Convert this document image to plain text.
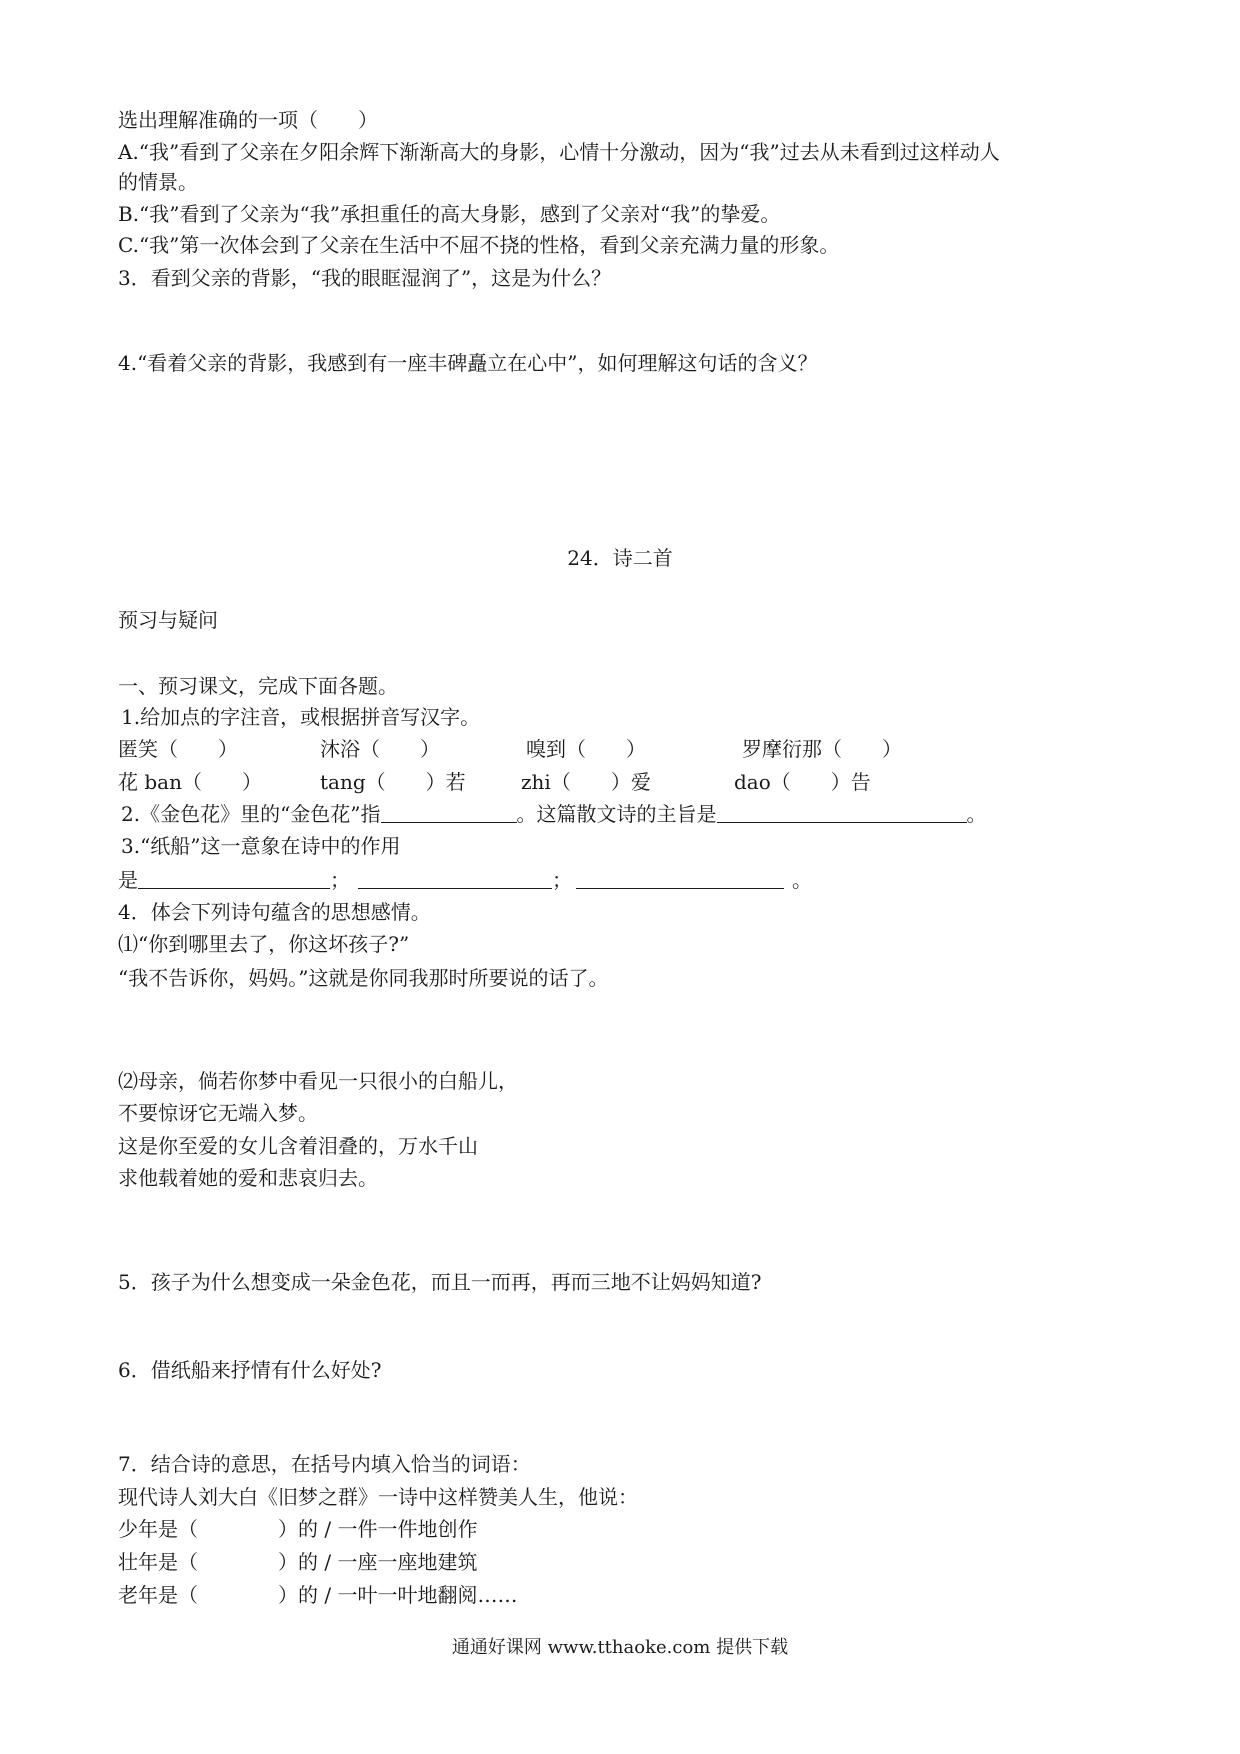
选出理解准确的一项（　　）
A.“我”看到了父亲在夕阳余辉下渐渐高大的身影，心情十分激动，因为“我”过去从未看到过这样动人
的情景。
B.“我”看到了父亲为“我”承担重任的高大身影，感到了父亲对“我”的挚爱。
C.“我”第一次体会到了父亲在生活中不屈不挠的性格，看到父亲充满力量的形象。
3．看到父亲的背影，“我的眼眶湿润了”，这是为什么？
4.“看着父亲的背影，我感到有一座丰碑矗立在心中”，如何理解这句话的含义？
24．诗二首
预习与疑问
一、预习课文，完成下面各题。
1.给加点的字注音，或根据拼音写汉字。
匿笑（　　）	沐浴（　　）	嗅到（　　）	罗摩衍那（　　）
花 ban（　　）	tang（　　）若	zhi（　　）爱	dao（　　）告
2.《金色花》里的“金色花”指	。这篇散文诗的主旨是	。
3.“纸船”这一意象在诗中的作用
是	；	；	。
4．体会下列诗句蕴含的思想感情。
⑴“你到哪里去了，你这坏孩子?”
“我不告诉你，妈妈。”这就是你同我那时所要说的话了。
⑵母亲，倘若你梦中看见一只很小的白船儿，
不要惊讶它无端入梦。
这是你至爱的女儿含着泪叠的，万水千山
求他载着她的爱和悲哀归去。
5．孩子为什么想变成一朵金色花，而且一而再，再而三地不让妈妈知道?
6．借纸船来抒情有什么好处?
7．结合诗的意思，在括号内填入恰当的词语：
现代诗人刘大白《旧梦之群》一诗中这样赞美人生，他说：
少年是（　　　　）的 / 一件一件地创作
壮年是（　　　　）的 / 一座一座地建筑
老年是（　　　　）的 / 一叶一叶地翻阅……
通通好课网 www.tthaoke.com 提供下载
